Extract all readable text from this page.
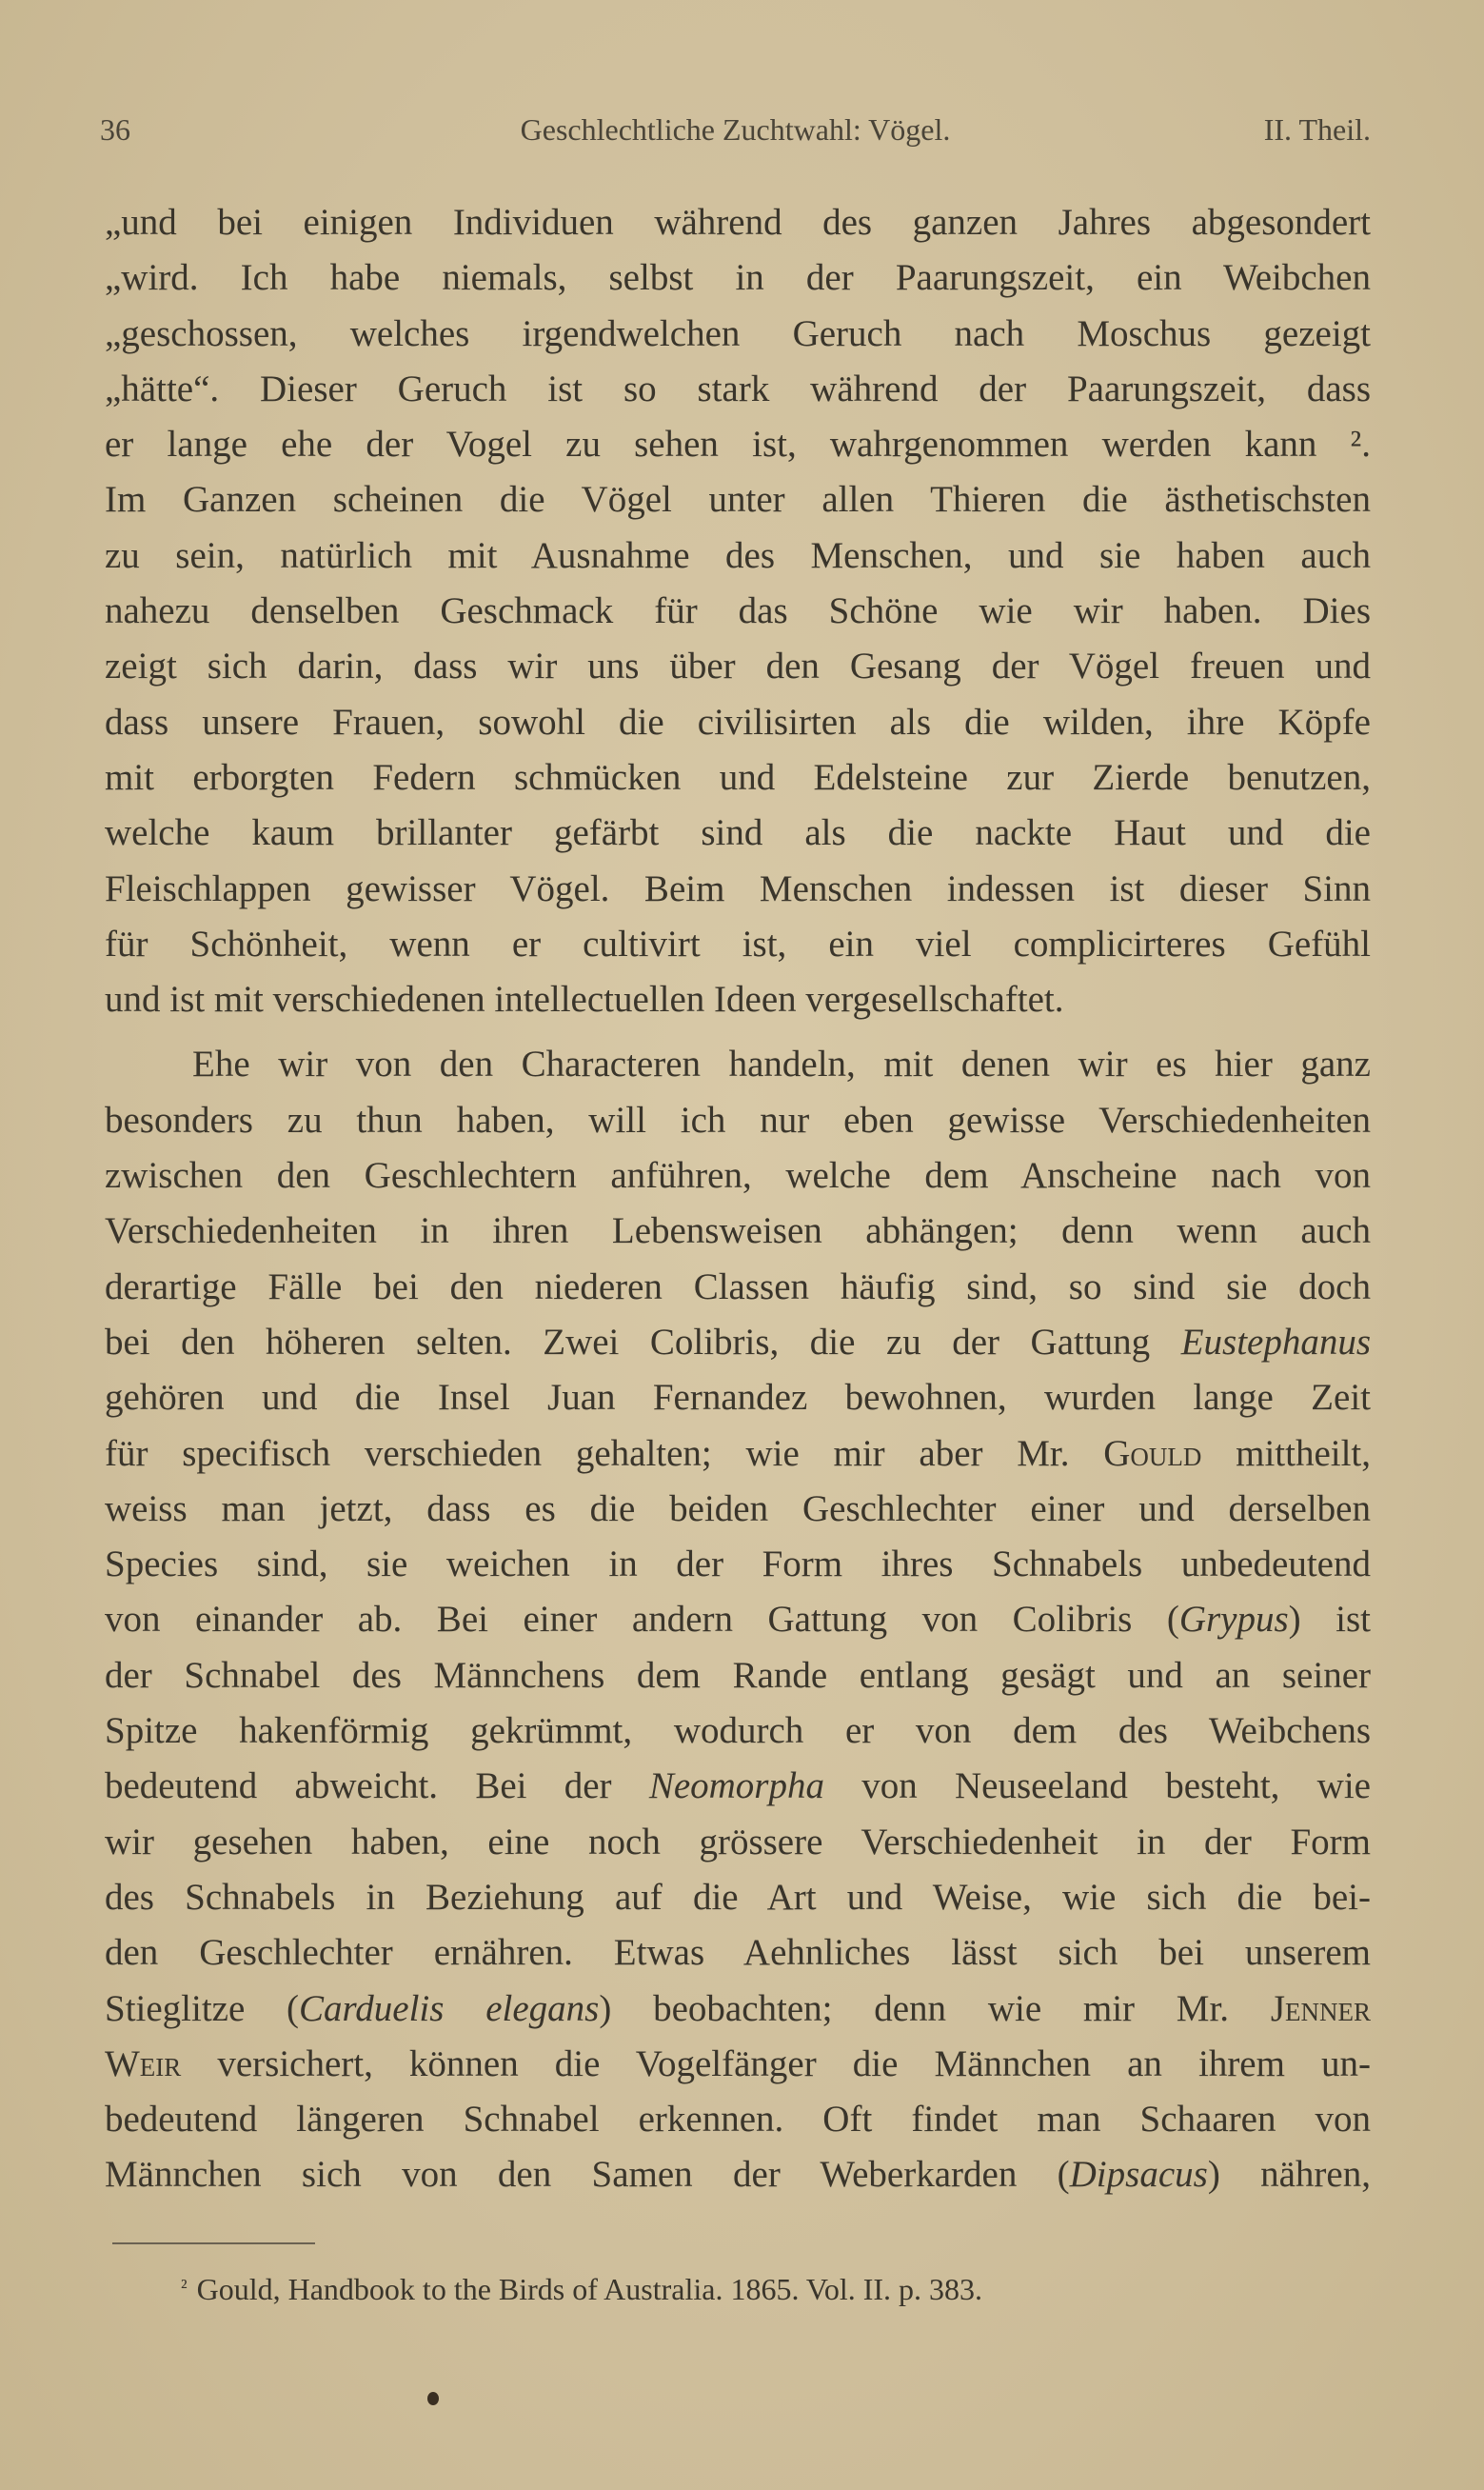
36	Geschlechtliche Zuchtwahl: Vögel.	II. Theil.
„und bei einigen Individuen während des ganzen Jahres abgesondert
„wird. Ich habe niemals, selbst in der Paarungszeit, ein Weibchen
„geschossen, welches irgendwelchen Geruch nach Moschus gezeigt
„hätte“. Dieser Geruch ist so stark während der Paarungszeit, dass
er lange ehe der Vogel zu sehen ist, wahrgenommen werden kann ².
Im Ganzen scheinen die Vögel unter allen Thieren die ästhetischsten
zu sein, natürlich mit Ausnahme des Menschen, und sie haben auch
nahezu denselben Geschmack für das Schöne wie wir haben. Dies
zeigt sich darin, dass wir uns über den Gesang der Vögel freuen und
dass unsere Frauen, sowohl die civilisirten als die wilden, ihre Köpfe
mit erborgten Federn schmücken und Edelsteine zur Zierde benutzen,
welche kaum brillanter gefärbt sind als die nackte Haut und die
Fleischlappen gewisser Vögel. Beim Menschen indessen ist dieser Sinn
für Schönheit, wenn er cultivirt ist, ein viel complicirteres Gefühl
und ist mit verschiedenen intellectuellen Ideen vergesellschaftet.
Ehe wir von den Characteren handeln, mit denen wir es hier ganz
besonders zu thun haben, will ich nur eben gewisse Verschiedenheiten
zwischen den Geschlechtern anführen, welche dem Anscheine nach von
Verschiedenheiten in ihren Lebensweisen abhängen; denn wenn auch
derartige Fälle bei den niederen Classen häufig sind, so sind sie doch
bei den höheren selten. Zwei Colibris, die zu der Gattung Eustephanus
gehören und die Insel Juan Fernandez bewohnen, wurden lange Zeit
für specifisch verschieden gehalten; wie mir aber Mr. Gould mittheilt,
weiss man jetzt, dass es die beiden Geschlechter einer und derselben
Species sind, sie weichen in der Form ihres Schnabels unbedeutend
von einander ab. Bei einer andern Gattung von Colibris (Grypus) ist
der Schnabel des Männchens dem Rande entlang gesägt und an seiner
Spitze hakenförmig gekrümmt, wodurch er von dem des Weibchens
bedeutend abweicht. Bei der Neomorpha von Neuseeland besteht, wie
wir gesehen haben, eine noch grössere Verschiedenheit in der Form
des Schnabels in Beziehung auf die Art und Weise, wie sich die bei-
den Geschlechter ernähren. Etwas Aehnliches lässt sich bei unserem
Stieglitze (Carduelis elegans) beobachten; denn wie mir Mr. Jenner
Weir versichert, können die Vogelfänger die Männchen an ihrem un-
bedeutend längeren Schnabel erkennen. Oft findet man Schaaren von
Männchen sich von den Samen der Weberkarden (Dipsacus) nähren,
$^{^2}$ Gould, Handbook to the Birds of Australia. 1865. Vol. II. p. 383.
